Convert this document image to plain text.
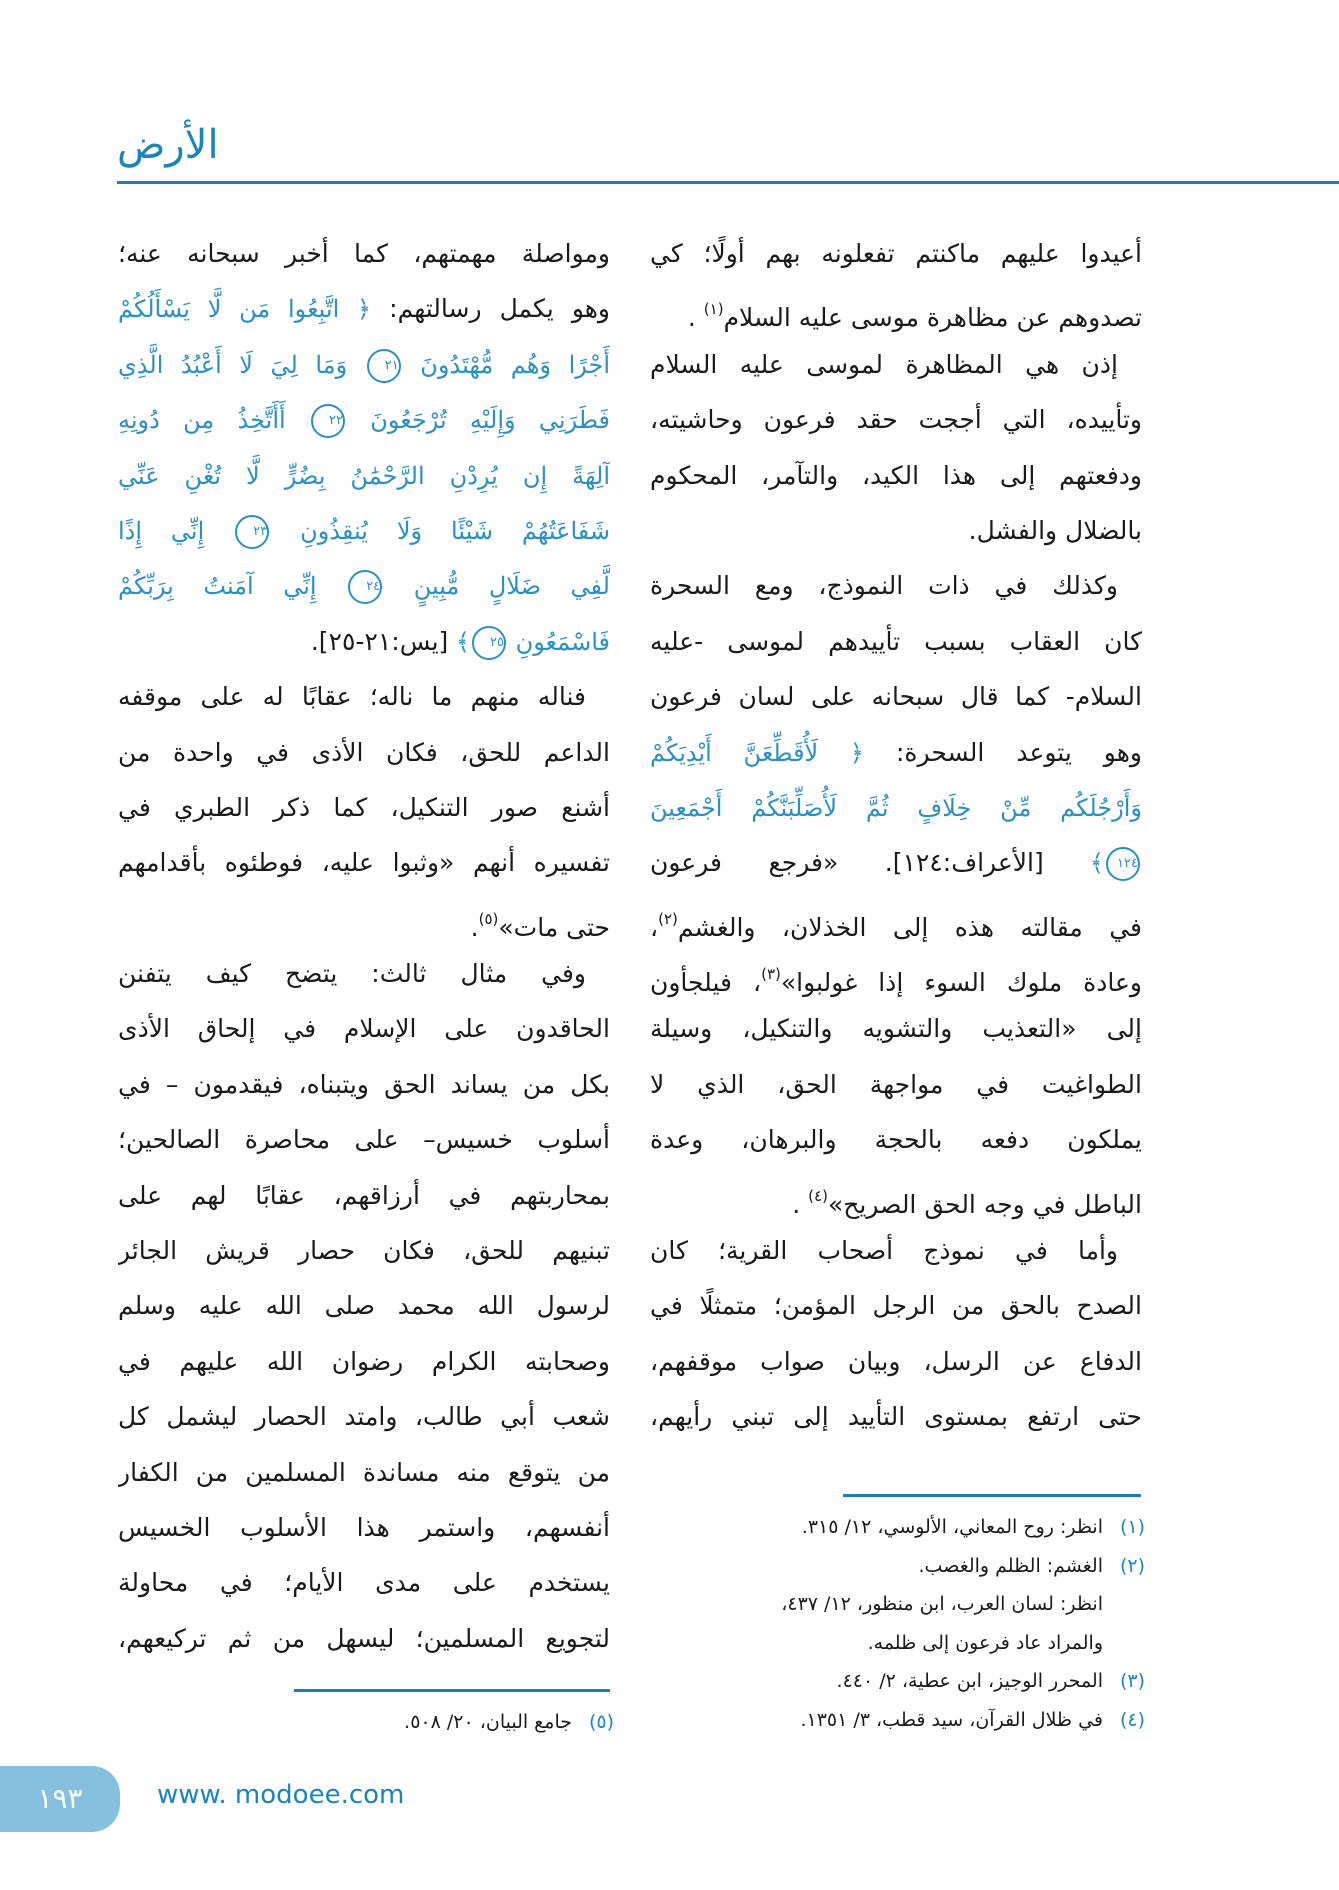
الأرض
أعيدوا عليهم ماكنتم تفعلونه بهم أولًا؛ كي
تصدوهم عن مظاهرة موسى عليه السلام$^{(١)}$ .
إذن هي المظاهرة لموسى عليه السلام
وتأييده، التي أججت حقد فرعون وحاشيته،
ودفعتهم إلى هذا الكيد، والتآمر، المحكوم
بالضلال والفشل.
وكذلك في ذات النموذج، ومع السحرة
كان العقاب بسبب تأييدهم لموسى -عليه
السلام- كما قال سبحانه على لسان فرعون
وهو يتوعد السحرة: ﴿ لَأُقَطِّعَنَّ أَيْدِيَكُمْ
وَأَرْجُلَكُم مِّنْ خِلَافٍ ثُمَّ لَأُصَلِّبَنَّكُمْ أَجْمَعِينَ
١٢٤﴾ [الأعراف:١٢٤]. «فرجع فرعون
في مقالته هذه إلى الخذلان، والغشم$^{(٢)}$،
وعادة ملوك السوء إذا غولبوا»$^{(٣)}$، فيلجأون
إلى «التعذيب والتشويه والتنكيل، وسيلة
الطواغيت في مواجهة الحق، الذي لا
يملكون دفعه بالحجة والبرهان، وعدة
الباطل في وجه الحق الصريح»$^{(٤)}$ .
وأما في نموذج أصحاب القرية؛ كان
الصدح بالحق من الرجل المؤمن؛ متمثلًا في
الدفاع عن الرسل، وبيان صواب موقفهم،
حتى ارتفع بمستوى التأييد إلى تبني رأيهم،
ومواصلة مهمتهم، كما أخبر سبحانه عنه؛
وهو يكمل رسالتهم: ﴿ اتَّبِعُوا مَن لَّا يَسْأَلُكُمْ
أَجْرًا وَهُم مُّهْتَدُونَ ٢١ وَمَا لِيَ لَا أَعْبُدُ الَّذِي
فَطَرَنِي وَإِلَيْهِ تُرْجَعُونَ ٢٢ أَأَتَّخِذُ مِن دُونِهِ
آلِهَةً إِن يُرِدْنِ الرَّحْمَٰنُ بِضُرٍّ لَّا تُغْنِ عَنِّي
شَفَاعَتُهُمْ شَيْئًا وَلَا يُنقِذُونِ ٢٣ إِنِّي إِذًا
لَّفِي ضَلَالٍ مُّبِينٍ ٢٤ إِنِّي آمَنتُ بِرَبِّكُمْ
فَاسْمَعُونِ ٢٥﴾ [يس:٢١-٢٥].
فناله منهم ما ناله؛ عقابًا له على موقفه
الداعم للحق، فكان الأذى في واحدة من
أشنع صور التنكيل، كما ذكر الطبري في
تفسيره أنهم «وثبوا عليه، فوطئوه بأقدامهم
حتى مات»$^{(٥)}$.
وفي مثال ثالث: يتضح كيف يتفنن
الحاقدون على الإسلام في إلحاق الأذى
بكل من يساند الحق ويتبناه، فيقدمون – في
أسلوب خسيس– على محاصرة الصالحين؛
بمحاربتهم في أرزاقهم، عقابًا لهم على
تبنيهم للحق، فكان حصار قريش الجائر
لرسول الله محمد صلى الله عليه وسلم
وصحابته الكرام رضوان الله عليهم في
شعب أبي طالب، وامتد الحصار ليشمل كل
من يتوقع منه مساندة المسلمين من الكفار
أنفسهم، واستمر هذا الأسلوب الخسيس
يستخدم على مدى الأيام؛ في محاولة
لتجويع المسلمين؛ ليسهل من ثم تركيعهم،
(١)انظر: روح المعاني، الألوسي، ١٢/ ٣١٥.
(٢)الغشم: الظلم والغصب.
انظر: لسان العرب، ابن منظور، ١٢/ ٤٣٧،
والمراد عاد فرعون إلى ظلمه.
(٣)المحرر الوجيز، ابن عطية، ٢/ ٤٤٠.
(٤)في ظلال القرآن، سيد قطب، ٣/ ١٣٥١.
(٥)جامع البيان، ٢٠/ ٥٠٨.
١٩٣	www. modoee.com
